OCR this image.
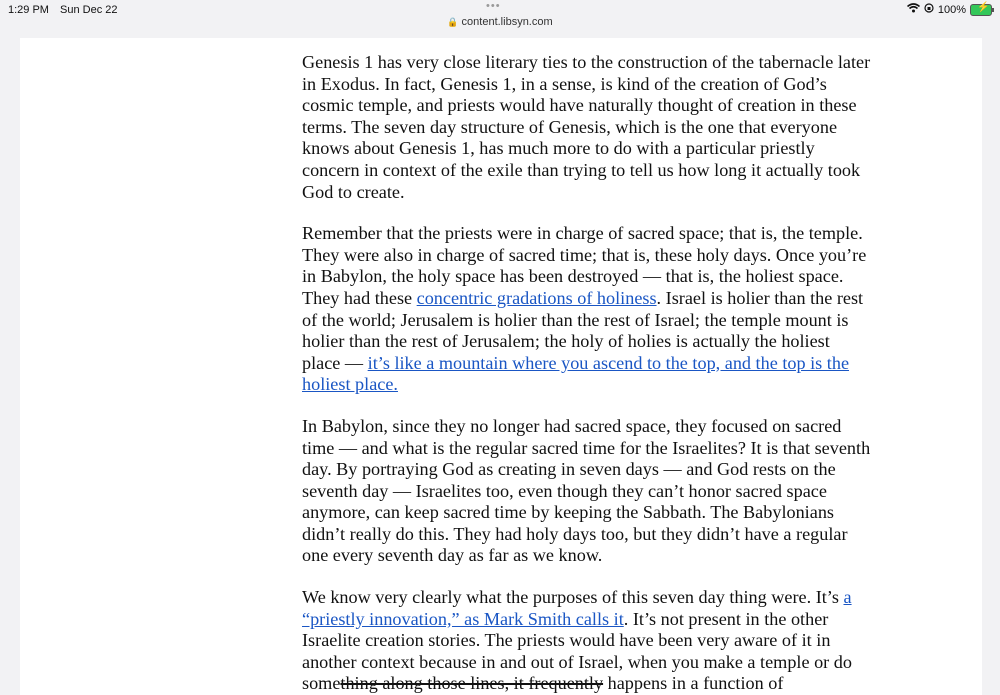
1:29 PM Sun Dec 22	•••	100% ⚡
🔒 content.libsyn.com

Genesis 1 has very close literary ties to the construction of the tabernacle later in Exodus. In fact, Genesis 1, in a sense, is kind of the creation of God’s cosmic temple, and priests would have naturally thought of creation in these terms. The seven day structure of Genesis, which is the one that everyone knows about Genesis 1, has much more to do with a particular priestly concern in context of the exile than trying to tell us how long it actually took God to create.

Remember that the priests were in charge of sacred space; that is, the temple. They were also in charge of sacred time; that is, these holy days. Once you’re in Babylon, the holy space has been destroyed — that is, the holiest space. They had these concentric gradations of holiness. Israel is holier than the rest of the world; Jerusalem is holier than the rest of Israel; the temple mount is holier than the rest of Jerusalem; the holy of holies is actually the holiest place — it’s like a mountain where you ascend to the top, and the top is the holiest place.

In Babylon, since they no longer had sacred space, they focused on sacred time — and what is the regular sacred time for the Israelites? It is that seventh day. By portraying God as creating in seven days — and God rests on the seventh day — Israelites too, even though they can’t honor sacred space anymore, can keep sacred time by keeping the Sabbath. The Babylonians didn’t really do this. They had holy days too, but they didn’t have a regular one every seventh day as far as we know.

We know very clearly what the purposes of this seven day thing were. It’s a “priestly innovation,” as Mark Smith calls it. It’s not present in the other Israelite creation stories. The priests would have been very aware of it in another context because in and out of Israel, when you make a temple or do something along those lines, it frequently happens in a function of
